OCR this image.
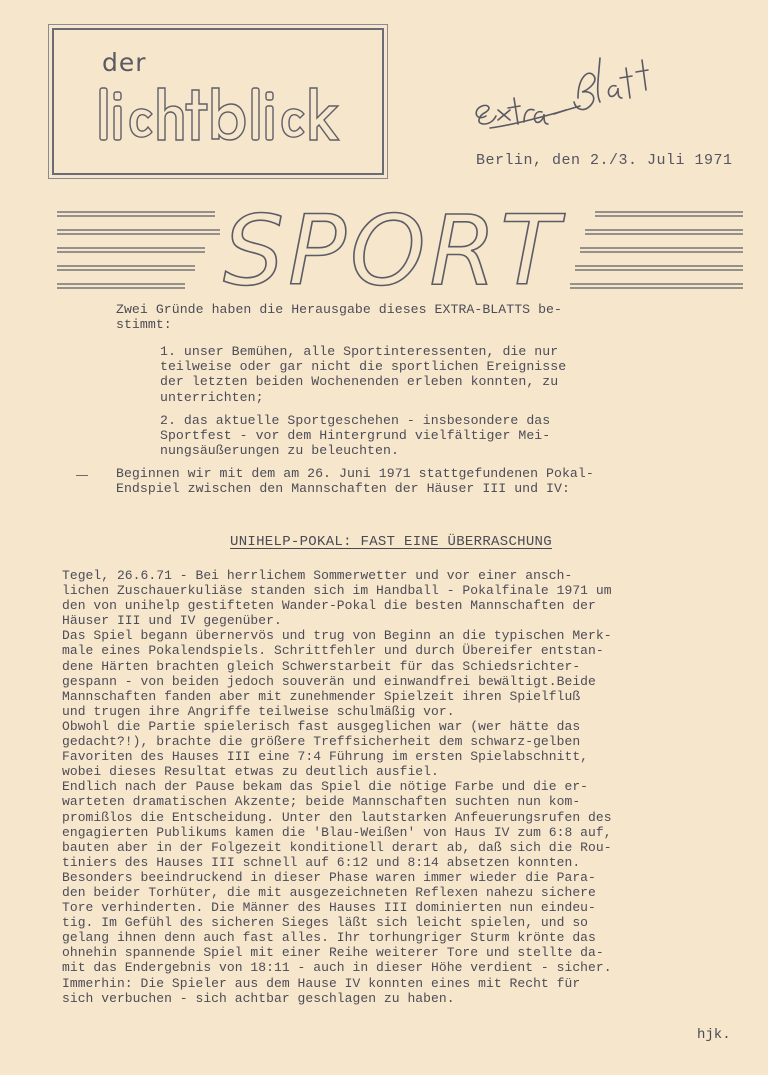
der
Berlin, den 2./3. Juli 1971
SPORT
Zwei Gründe haben die Herausgabe dieses EXTRA-BLATTS be-
stimmt:
1. unser Bemühen, alle Sportinteressenten, die nur
teilweise oder gar nicht die sportlichen Ereignisse
der letzten beiden Wochenenden erleben konnten, zu
unterrichten;
2. das aktuelle Sportgeschehen - insbesondere das
Sportfest - vor dem Hintergrund vielfältiger Mei-
nungsäußerungen zu beleuchten.
Beginnen wir mit dem am 26. Juni 1971 stattgefundenen Pokal-
Endspiel zwischen den Mannschaften der Häuser III und IV:
UNIHELP-POKAL: FAST EINE ÜBERRASCHUNG
Tegel, 26.6.71 - Bei herrlichem Sommerwetter und vor einer ansch-
lichen Zuschauerkuliäse standen sich im Handball - Pokalfinale 1971 um
den von unihelp gestifteten Wander-Pokal die besten Mannschaften der
Häuser III und IV gegenüber.
Das Spiel begann übernervös und trug von Beginn an die typischen Merk-
male eines Pokalendspiels. Schrittfehler und durch Übereifer entstan-
dene Härten brachten gleich Schwerstarbeit für das Schiedsrichter-
gespann - von beiden jedoch souverän und einwandfrei bewältigt.Beide
Mannschaften fanden aber mit zunehmender Spielzeit ihren Spielfluß
und trugen ihre Angriffe teilweise schulmäßig vor.
Obwohl die Partie spielerisch fast ausgeglichen war (wer hätte das
gedacht?!), brachte die größere Treffsicherheit dem schwarz-gelben
Favoriten des Hauses III eine 7:4 Führung im ersten Spielabschnitt,
wobei dieses Resultat etwas zu deutlich ausfiel.
Endlich nach der Pause bekam das Spiel die nötige Farbe und die er-
warteten dramatischen Akzente; beide Mannschaften suchten nun kom-
promißlos die Entscheidung. Unter den lautstarken Anfeuerungsrufen des
engagierten Publikums kamen die 'Blau-Weißen' von Haus IV zum 6:8 auf,
bauten aber in der Folgezeit konditionell derart ab, daß sich die Rou-
tiniers des Hauses III schnell auf 6:12 und 8:14 absetzen konnten.
Besonders beeindruckend in dieser Phase waren immer wieder die Para-
den beider Torhüter, die mit ausgezeichneten Reflexen nahezu sichere
Tore verhinderten. Die Männer des Hauses III dominierten nun eindeu-
tig. Im Gefühl des sicheren Sieges läßt sich leicht spielen, und so
gelang ihnen denn auch fast alles. Ihr torhungriger Sturm krönte das
ohnehin spannende Spiel mit einer Reihe weiterer Tore und stellte da-
mit das Endergebnis von 18:11 - auch in dieser Höhe verdient - sicher.
Immerhin: Die Spieler aus dem Hause IV konnten eines mit Recht für
sich verbuchen - sich achtbar geschlagen zu haben.
hjk.
